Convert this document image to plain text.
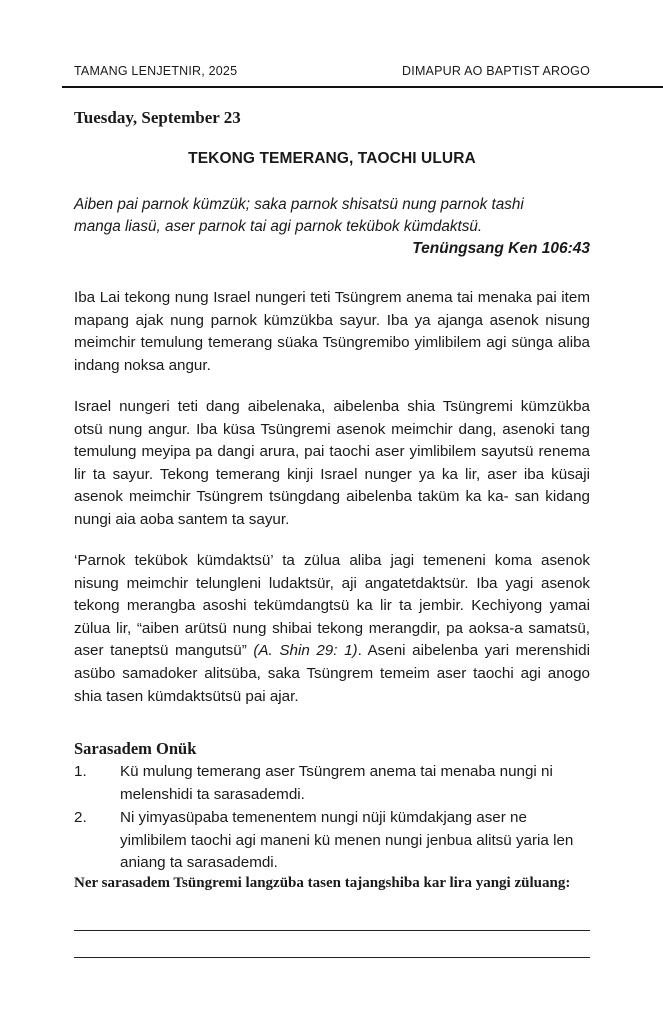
TAMANG LENJETNIR, 2025	DIMAPUR AO BAPTIST AROGO
Tuesday, September 23
TEKONG TEMERANG, TAOCHI ULURA
Aiben pai parnok kümzük; saka parnok shisatsü nung parnok tashi
manga liasü, aser parnok tai agi parnok tekübok kümdaktsü.
Tenüngsang Ken 106:43

Iba Lai tekong nung Israel nungeri teti Tsüngrem anema tai menaka pai item mapang ajak nung parnok kümzükba sayur. Iba ya ajanga asenok nisung meimchir temulung temerang süaka Tsüngremibo yimlibilem agi sünga aliba indang noksa angur.

Israel nungeri teti dang aibelenaka, aibelenba shia Tsüngremi kümzükba otsü nung angur. Iba küsa Tsüngremi asenok meimchir dang, asenoki tang temulung meyipa pa dangi arura, pai taochi aser yimlibilem sayutsü renema lir ta sayur. Tekong temerang kinji Israel nunger ya ka lir, aser iba küsaji asenok meimchir Tsüngrem tsüngdang aibelenba taküm ka ka- san kidang nungi aia aoba santem ta sayur.

‘Parnok tekübok kümdaktsü’ ta zülua aliba jagi temeneni koma asenok nisung meimchir telungleni ludaktsür, aji angatetdaktsür. Iba yagi asenok tekong merangba asoshi tekümdangtsü ka lir ta jembir. Kechiyong yamai zülua lir, “aiben arütsü nung shibai tekong merangdir, pa aoksa-a samatsü, aser taneptsü mangutsü” (A. Shin 29: 1). Aseni aibelenba yari merenshidi asübo samadoker alitsüba, saka Tsüngrem temeim aser taochi agi anogo shia tasen kümdaktsütsü pai ajar.

Sarasadem Onük
1. Kü mulung temerang aser Tsüngrem anema tai menaba nungi ni melenshidi ta sarasademdi.
2. Ni yimyasüpaba temenentem nungi nüji kümdakjang aser ne yimlibilem taochi agi maneni kü menen nungi jenbua alitsü yaria len aniang ta sarasademdi.
Ner sarasadem Tsüngremi langzüba tasen tajangshiba kar lira yangi züluang:
